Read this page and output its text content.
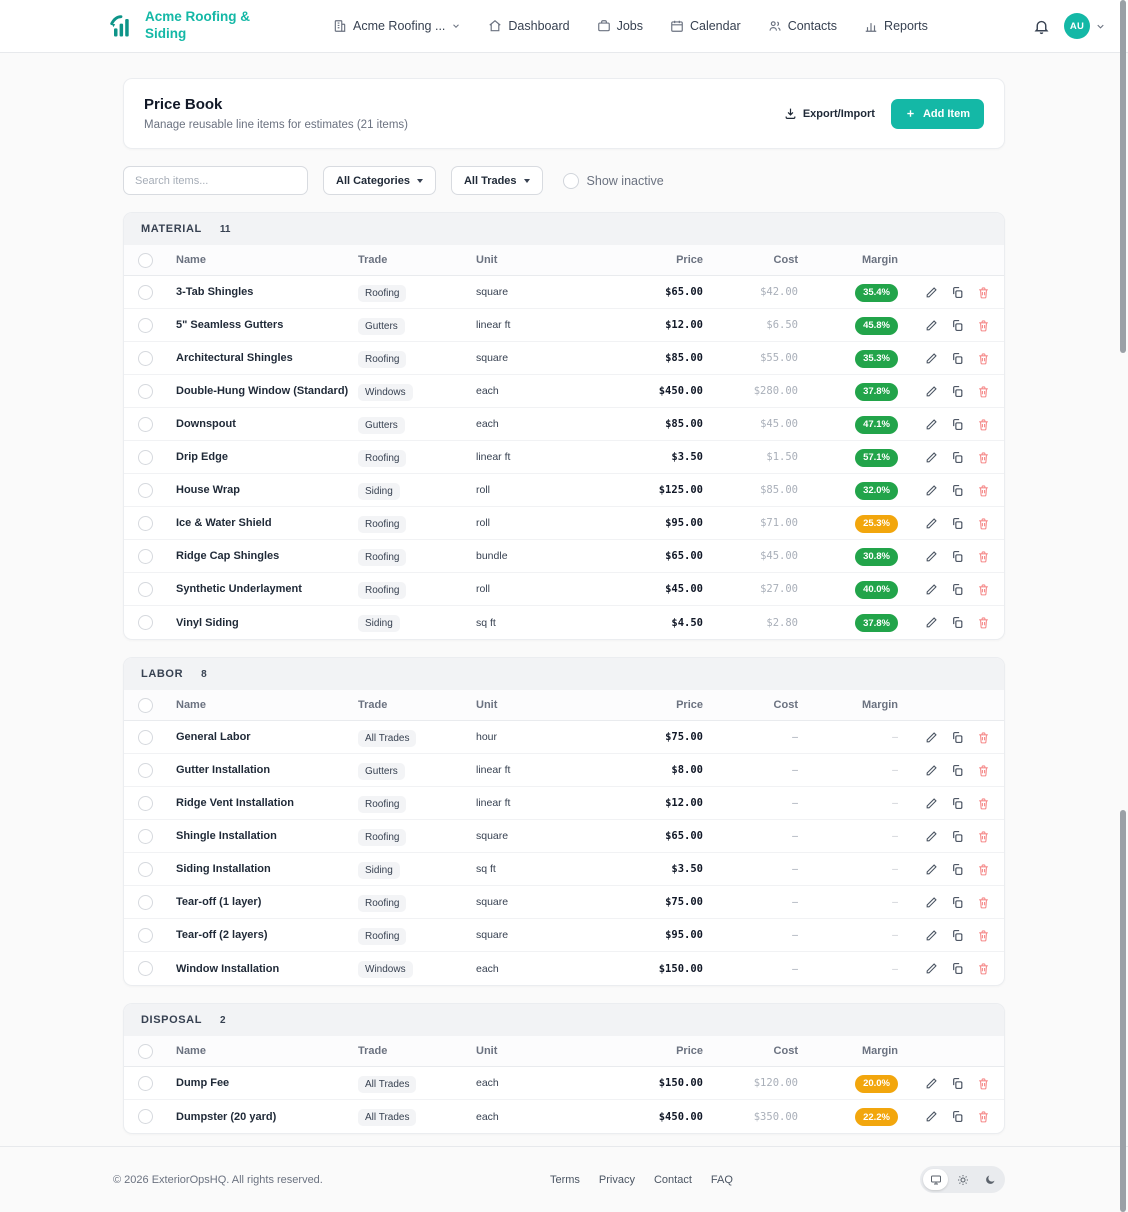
Acme Roofing & Siding	Acme Roofing ...	Dashboard	Jobs	Calendar	Contacts	Reports	AU
Price Book
Manage reusable line items for estimates (21 items)
Export/Import	Add Item
Search items...
All Categories	All Trades	Show inactive
MATERIAL 11
Name	Trade	Unit	Price	Cost	Margin
3-Tab Shingles	Roofing	square	$65.00	$42.00	35.4%
5" Seamless Gutters	Gutters	linear ft	$12.00	$6.50	45.8%
Architectural Shingles	Roofing	square	$85.00	$55.00	35.3%
Double-Hung Window (Standard)	Windows	each	$450.00	$280.00	37.8%
Downspout	Gutters	each	$85.00	$45.00	47.1%
Drip Edge	Roofing	linear ft	$3.50	$1.50	57.1%
House Wrap	Siding	roll	$125.00	$85.00	32.0%
Ice & Water Shield	Roofing	roll	$95.00	$71.00	25.3%
Ridge Cap Shingles	Roofing	bundle	$65.00	$45.00	30.8%
Synthetic Underlayment	Roofing	roll	$45.00	$27.00	40.0%
Vinyl Siding	Siding	sq ft	$4.50	$2.80	37.8%
LABOR 8
Name	Trade	Unit	Price	Cost	Margin
General Labor	All Trades	hour	$75.00	–	–
Gutter Installation	Gutters	linear ft	$8.00	–	–
Ridge Vent Installation	Roofing	linear ft	$12.00	–	–
Shingle Installation	Roofing	square	$65.00	–	–
Siding Installation	Siding	sq ft	$3.50	–	–
Tear-off (1 layer)	Roofing	square	$75.00	–	–
Tear-off (2 layers)	Roofing	square	$95.00	–	–
Window Installation	Windows	each	$150.00	–	–
DISPOSAL 2
Name	Trade	Unit	Price	Cost	Margin
Dump Fee	All Trades	each	$150.00	$120.00	20.0%
Dumpster (20 yard)	All Trades	each	$450.00	$350.00	22.2%
© 2026 ExteriorOpsHQ. All rights reserved.	Terms Privacy Contact FAQ
